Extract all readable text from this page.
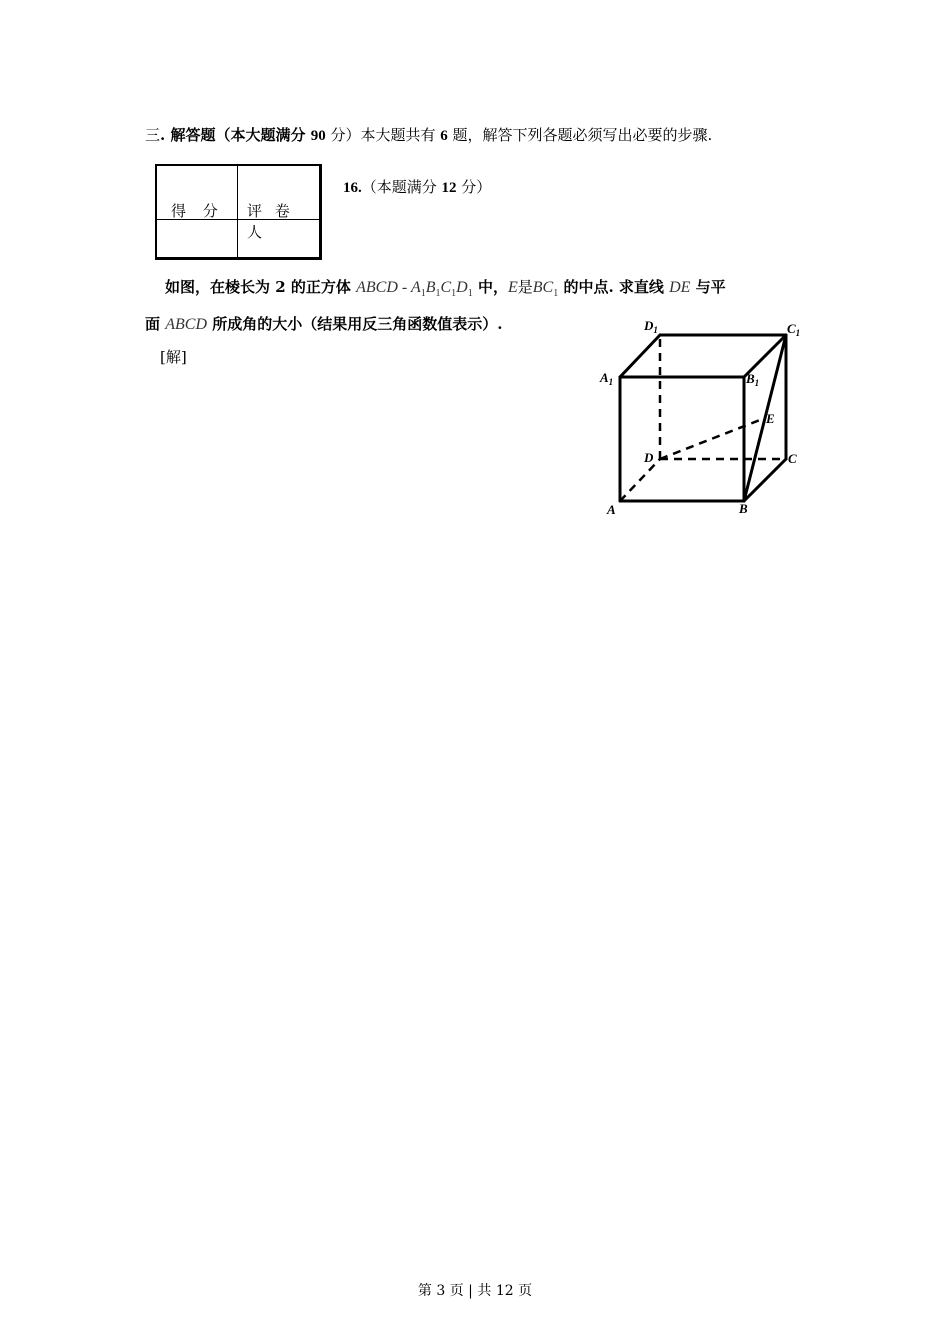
三. 解答题（本大题满分 90 分）本大题共有 6 题，解答下列各题必须写出必要的步骤.
得 分 评 卷 人
16.（本题满分 12 分）
如图，在棱长为 2 的正方体 ABCD - $A_1B_1C_1D_1$ 中，E是$BC_1$ 的中点. 求直线 DE 与平
面 ABCD 所成角的大小（结果用反三角函数值表示）.
[解]
A	B
C
D
E
$A_1$	$B_1$
$C_1$
$D_1$
第 3 页 | 共 12 页
